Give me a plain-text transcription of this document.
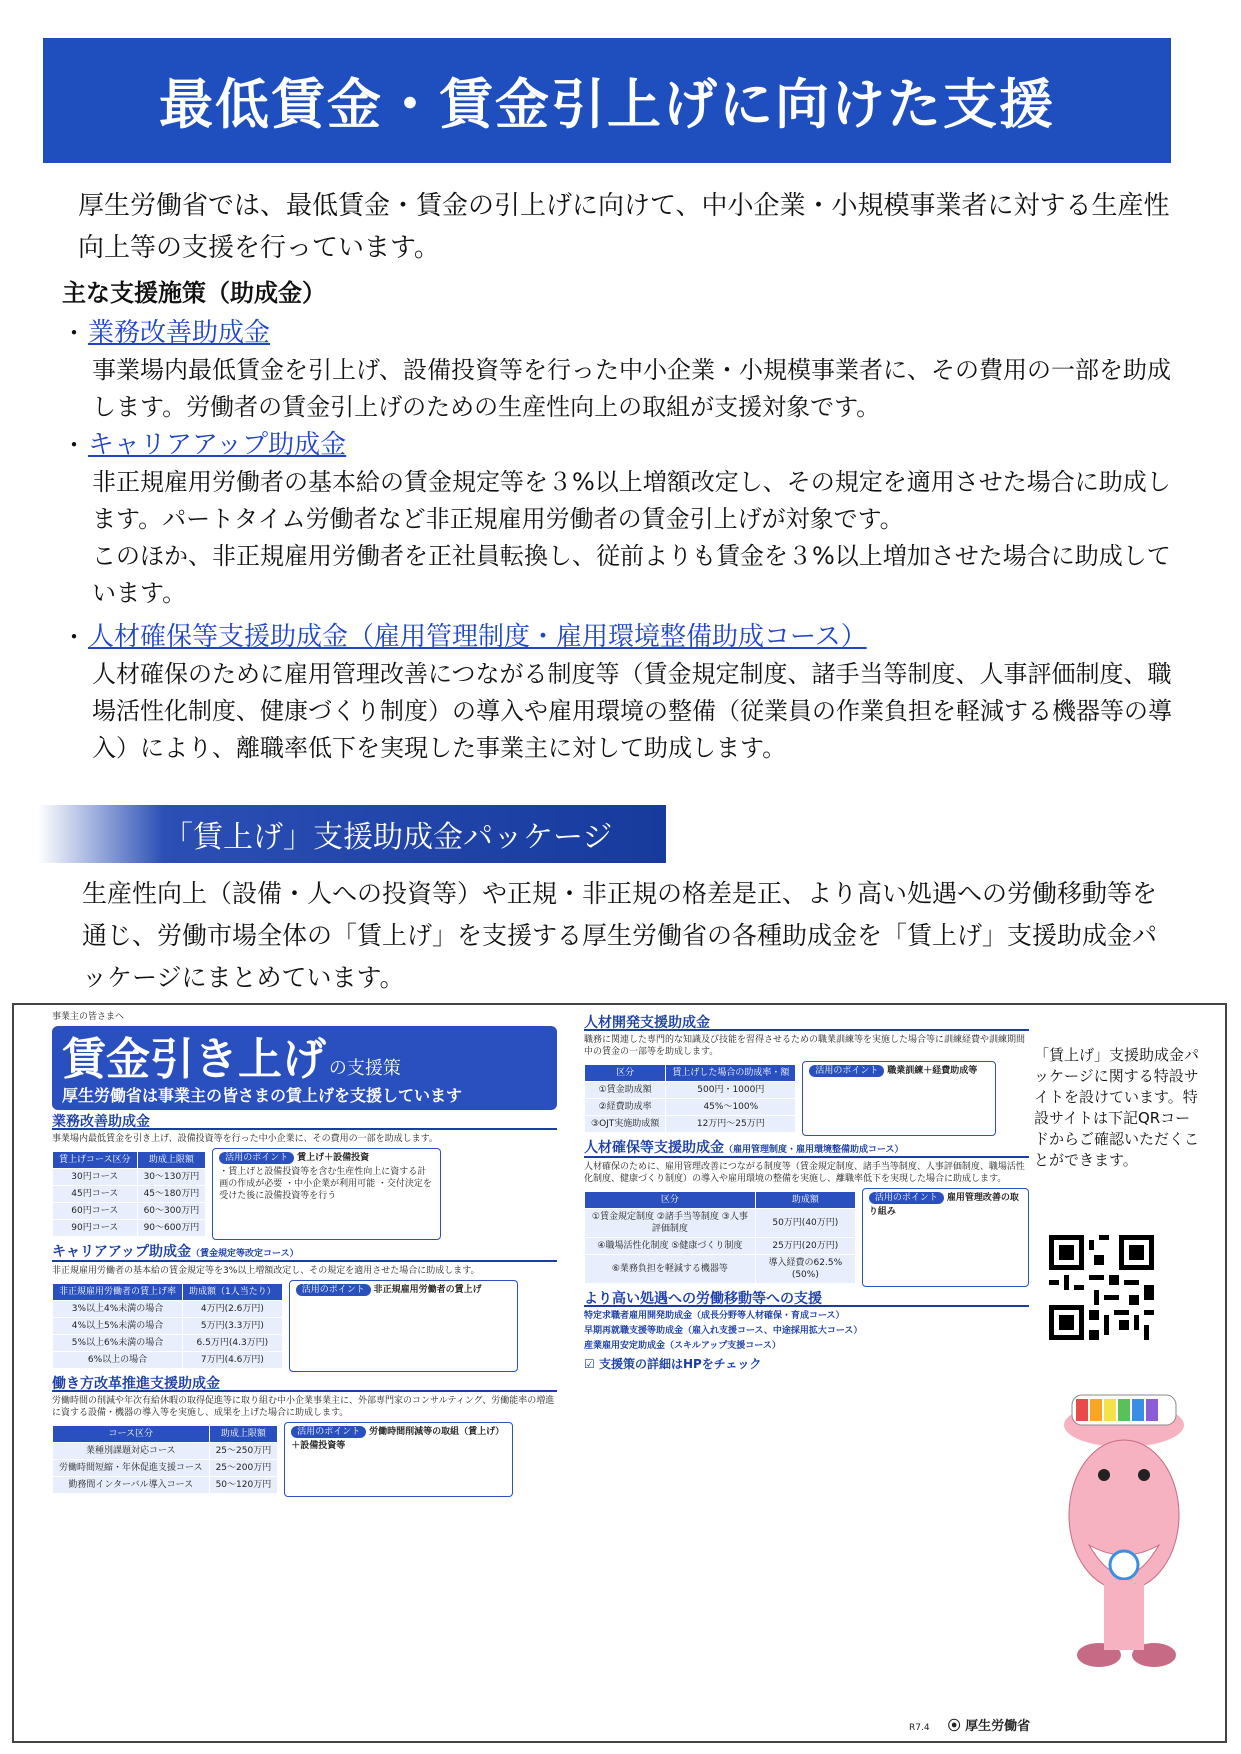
最低賃金・賃金引上げに向けた支援
厚生労働省では、最低賃金・賃金の引上げに向けて、中小企業・小規模事業者に対する生産性向上等の支援を行っています。
主な支援施策（助成金）
・業務改善助成金

事業場内最低賃金を引上げ、設備投資等を行った中小企業・小規模事業者に、その費用の一部を助成します。労働者の賃金引上げのための生産性向上の取組が支援対象です。

・キャリアアップ助成金

非正規雇用労働者の基本給の賃金規定等を３%以上増額改定し、その規定を適用させた場合に助成します。パートタイム労働者など非正規雇用労働者の賃金引上げが対象です。

このほか、非正規雇用労働者を正社員転換し、従前よりも賃金を３%以上増加させた場合に助成しています。

・人材確保等支援助成金（雇用管理制度・雇用環境整備助成コース）

人材確保のために雇用管理改善につながる制度等（賃金規定制度、諸手当等制度、人事評価制度、職場活性化制度、健康づくり制度）の導入や雇用環境の整備（従業員の作業負担を軽減する機器等の導入）により、離職率低下を実現した事業主に対して助成します。

「賃上げ」支援助成金パッケージ
生産性向上（設備・人への投資等）や正規・非正規の格差是正、より高い処遇への労働移動等を通じ、労働市場全体の「賃上げ」を支援する厚生労働省の各種助成金を「賃上げ」支援助成金パッケージにまとめています。
事業主の皆さまへ
賃金引き上げ の支援策
厚生労働省は事業主の皆さまの賃上げを支援しています
業務改善助成金
事業場内最低賃金を引き上げ、設備投資等を行った中小企業に、その費用の一部を助成します。
賃上げコース区分	助成上限額
30円コース	30〜130万円
45円コース	45〜180万円
60円コース	60〜300万円
90円コース	90〜600万円
活用のポイント 賃上げ＋設備投資
・賃上げと設備投資等を含む生産性向上に資する計画の作成が必要 ・中小企業が利用可能 ・交付決定を受けた後に設備投資等を行う
キャリアアップ助成金（賃金規定等改定コース）
非正規雇用労働者の基本給の賃金規定等を3%以上増額改定し、その規定を適用させた場合に助成します。
非正規雇用労働者の賃上げ率	助成額（1人当たり）
3%以上4%未満の場合	4万円(2.6万円)
4%以上5%未満の場合	5万円(3.3万円)
5%以上6%未満の場合	6.5万円(4.3万円)
6%以上の場合	7万円(4.6万円)
活用のポイント 非正規雇用労働者の賃上げ
働き方改革推進支援助成金
労働時間の削減や年次有給休暇の取得促進等に取り組む中小企業事業主に、外部専門家のコンサルティング、労働能率の増進に資する設備・機器の導入等を実施し、成果を上げた場合に助成します。
コース区分	助成上限額
業種別課題対応コース	25〜250万円
労働時間短縮・年休促進支援コース	25〜200万円
勤務間インターバル導入コース	50〜120万円
活用のポイント 労働時間削減等の取組（賃上げ）＋設備投資等
人材開発支援助成金
職務に関連した専門的な知識及び技能を習得させるための職業訓練等を実施した場合等に訓練経費や訓練期間中の賃金の一部等を助成します。
区分	賃上げした場合の助成率・額
①賃金助成額	500円・1000円
②経費助成率	45%〜100%
③OJT実施助成額	12万円〜25万円
活用のポイント 職業訓練＋経費助成等
人材確保等支援助成金（雇用管理制度・雇用環境整備助成コース）
人材確保のために、雇用管理改善につながる制度等（賃金規定制度、諸手当等制度、人事評価制度、職場活性化制度、健康づくり制度）の導入や雇用環境の整備を実施し、離職率低下を実現した場合に助成します。
区分	助成額
①賃金規定制度 ②諸手当等制度 ③人事評価制度	50万円(40万円)
④職場活性化制度 ⑤健康づくり制度	25万円(20万円)
⑥業務負担を軽減する機器等	導入経費の62.5%(50%)
活用のポイント 雇用管理改善の取り組み
より高い処遇への労働移動等への支援
特定求職者雇用開発助成金（成長分野等人材確保・育成コース）
早期再就職支援等助成金（雇入れ支援コース、中途採用拡大コース）
産業雇用安定助成金（スキルアップ支援コース）
☑ 支援策の詳細はHPをチェック
「賃上げ」支援助成金パッケージに関する特設サイトを設けています。特設サイトは下記QRコードからご確認いただくことができます。
R7.4 ⦿ 厚生労働省
